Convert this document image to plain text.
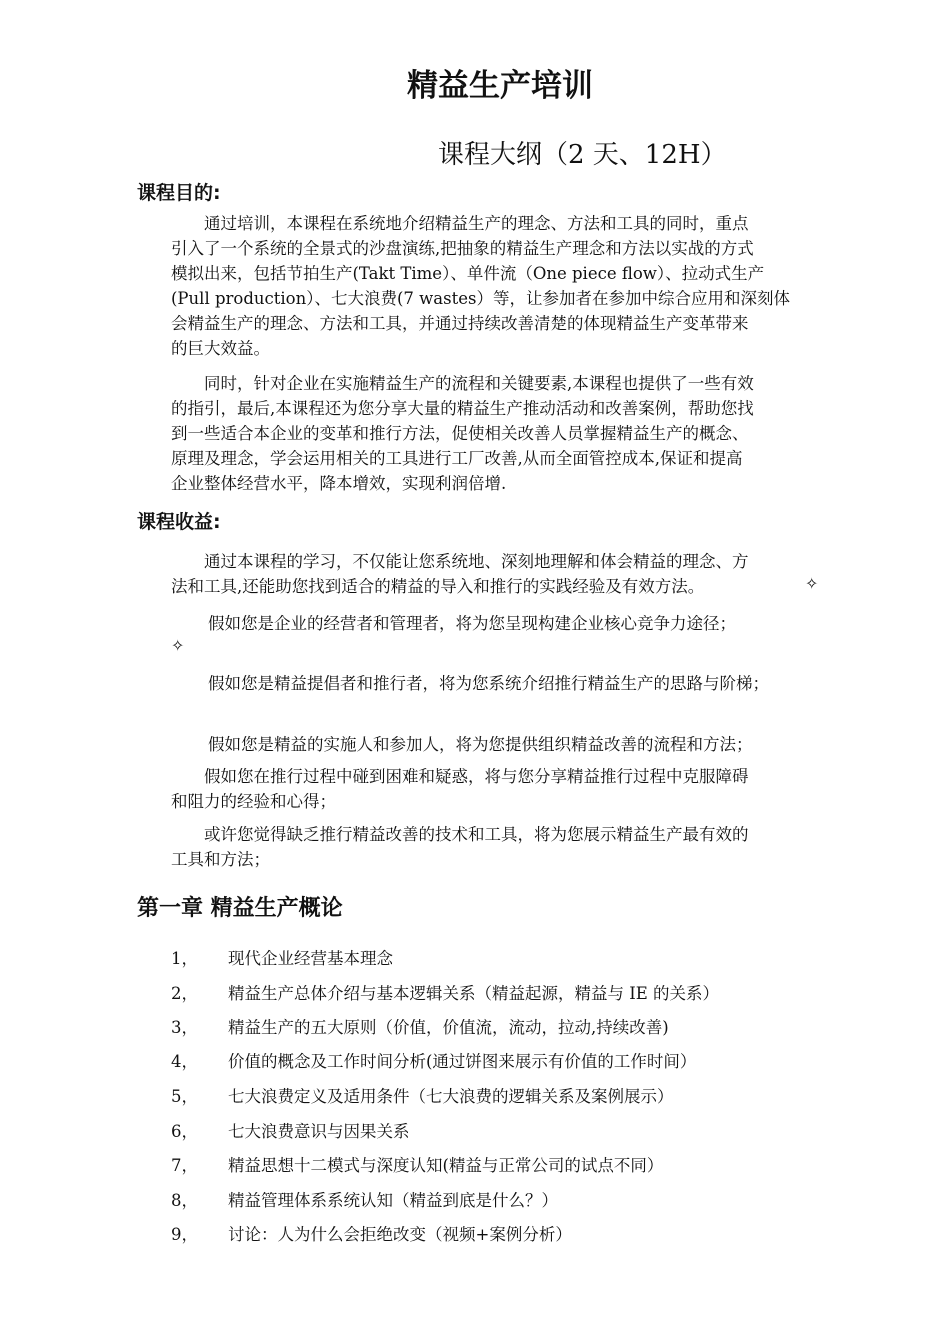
精益生产培训
课程大纲（2 天、12H）
课程目的:
通过培训，本课程在系统地介绍精益生产的理念、方法和工具的同时，重点
引入了一个系统的全景式的沙盘演练,把抽象的精益生产理念和方法以实战的方式
模拟出来，包括节拍生产(Takt Time）、单件流（One piece flow）、拉动式生产
(Pull production）、七大浪费(7 wastes）等，让参加者在参加中综合应用和深刻体
会精益生产的理念、方法和工具，并通过持续改善清楚的体现精益生产变革带来
的巨大效益。
同时，针对企业在实施精益生产的流程和关键要素,本课程也提供了一些有效
的指引，最后,本课程还为您分享大量的精益生产推动活动和改善案例，帮助您找
到一些适合本企业的变革和推行方法，促使相关改善人员掌握精益生产的概念、
原理及理念，学会运用相关的工具进行工厂改善,从而全面管控成本,保证和提高
企业整体经营水平，降本增效，实现利润倍增.
课程收益:
通过本课程的学习，不仅能让您系统地、深刻地理解和体会精益的理念、方
法和工具,还能助您找到适合的精益的导入和推行的实践经验及有效方法。	✧
假如您是企业的经营者和管理者，将为您呈现构建企业核心竞争力途径；
✧
假如您是精益提倡者和推行者，将为您系统介绍推行精益生产的思路与阶梯；
假如您是精益的实施人和参加人，将为您提供组织精益改善的流程和方法；
假如您在推行过程中碰到困难和疑惑，将与您分享精益推行过程中克服障碍
和阻力的经验和心得；
或许您觉得缺乏推行精益改善的技术和工具，将为您展示精益生产最有效的
工具和方法；
第一章 精益生产概论
1， 现代企业经营基本理念
2， 精益生产总体介绍与基本逻辑关系（精益起源，精益与 IE 的关系）
3， 精益生产的五大原则（价值，价值流，流动，拉动,持续改善)
4， 价值的概念及工作时间分析(通过饼图来展示有价值的工作时间）
5， 七大浪费定义及适用条件（七大浪费的逻辑关系及案例展示）
6， 七大浪费意识与因果关系
7， 精益思想十二模式与深度认知(精益与正常公司的试点不同）
8， 精益管理体系系统认知（精益到底是什么？）
9， 讨论：人为什么会拒绝改变（视频+案例分析）
